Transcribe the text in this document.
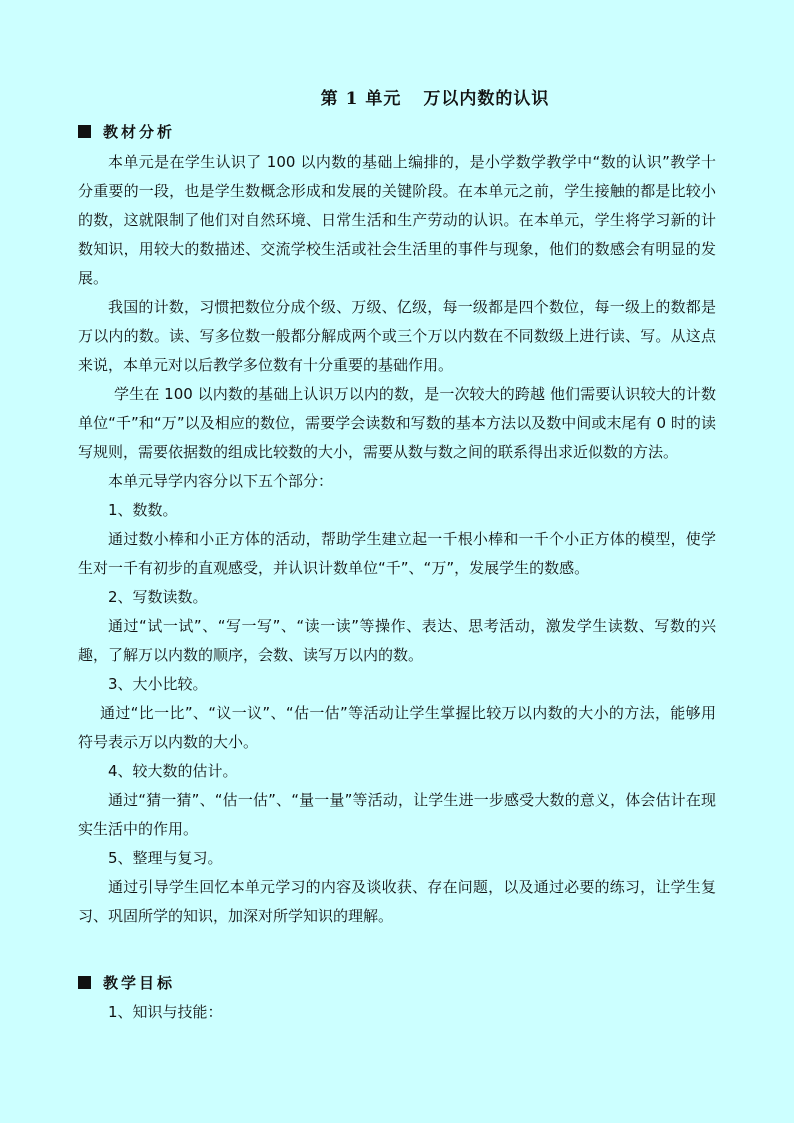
第 1 单元 万以内数的认识
教材分析

本单元是在学生认识了 100 以内数的基础上编排的，是小学数学教学中“数的认识”教学十分重要的一段，也是学生数概念形成和发展的关键阶段。在本单元之前，学生接触的都是比较小的数，这就限制了他们对自然环境、日常生活和生产劳动的认识。在本单元，学生将学习新的计数知识，用较大的数描述、交流学校生活或社会生活里的事件与现象，他们的数感会有明显的发展。

我国的计数，习惯把数位分成个级、万级、亿级，每一级都是四个数位，每一级上的数都是万以内的数。读、写多位数一般都分解成两个或三个万以内数在不同数级上进行读、写。从这点来说，本单元对以后教学多位数有十分重要的基础作用。

学生在 100 以内数的基础上认识万以内的数，是一次较大的跨越 他们需要认识较大的计数单位“千”和“万”以及相应的数位，需要学会读数和写数的基本方法以及数中间或末尾有 0 时的读写规则，需要依据数的组成比较数的大小，需要从数与数之间的联系得出求近似数的方法。

本单元导学内容分以下五个部分：

1、数数。

通过数小棒和小正方体的活动，帮助学生建立起一千根小棒和一千个小正方体的模型，使学生对一千有初步的直观感受，并认识计数单位“千”、“万”，发展学生的数感。

2、写数读数。

通过“试一试”、“写一写”、“读一读”等操作、表达、思考活动，激发学生读数、写数的兴趣，了解万以内数的顺序，会数、读写万以内的数。

3、大小比较。

通过“比一比”、“议一议”、“估一估”等活动让学生掌握比较万以内数的大小的方法，能够用符号表示万以内数的大小。

4、较大数的估计。

通过“猜一猜”、“估一估”、“量一量”等活动，让学生进一步感受大数的意义，体会估计在现实生活中的作用。

5、整理与复习。

通过引导学生回忆本单元学习的内容及谈收获、存在问题，以及通过必要的练习，让学生复习、巩固所学的知识，加深对所学知识的理解。

教学目标

1、知识与技能：
